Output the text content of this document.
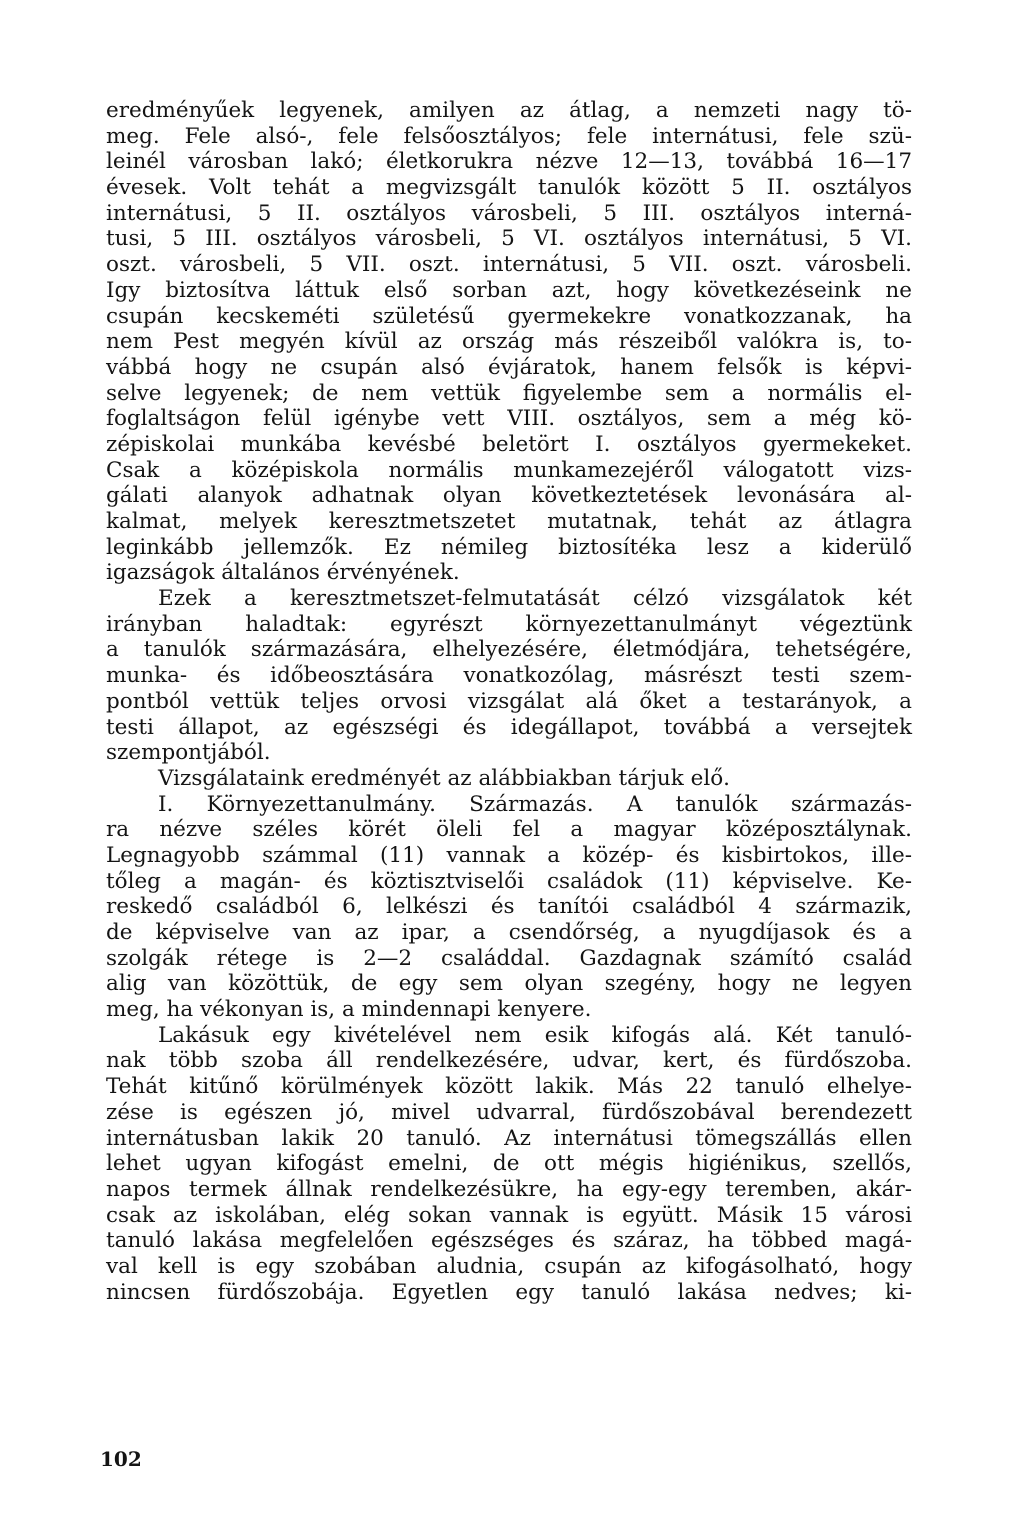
eredményűek legyenek, amilyen az átlag, a nemzeti nagy tö-
meg. Fele alsó-, fele felsőosztályos; fele internátusi, fele szü-
leinél városban lakó; életkorukra nézve 12—13, továbbá 16—17
évesek. Volt tehát a megvizsgált tanulók között 5 II. osztályos
internátusi, 5 II. osztályos városbeli, 5 III. osztályos interná-
tusi, 5 III. osztályos városbeli, 5 VI. osztályos internátusi, 5 VI.
oszt. városbeli, 5 VII. oszt. internátusi, 5 VII. oszt. városbeli.
Igy biztosítva láttuk első sorban azt, hogy következéseink ne
csupán kecskeméti születésű gyermekekre vonatkozzanak, ha
nem Pest megyén kívül az ország más részeiből valókra is, to-
vábbá hogy ne csupán alsó évjáratok, hanem felsők is képvi-
selve legyenek; de nem vettük figyelembe sem a normális el-
foglaltságon felül igénybe vett VIII. osztályos, sem a még kö-
zépiskolai munkába kevésbé beletört I. osztályos gyermekeket.
Csak a középiskola normális munkamezejéről válogatott vizs-
gálati alanyok adhatnak olyan következtetések levonására al-
kalmat, melyek keresztmetszetet mutatnak, tehát az átlagra
leginkább jellemzők. Ez némileg biztosítéka lesz a kiderülő
igazságok általános érvényének.
Ezek a keresztmetszet-felmutatását célzó vizsgálatok két
irányban haladtak: egyrészt környezettanulmányt végeztünk
a tanulók származására, elhelyezésére, életmódjára, tehetségére,
munka- és időbeosztására vonatkozólag, másrészt testi szem-
pontból vettük teljes orvosi vizsgálat alá őket a testarányok, a
testi állapot, az egészségi és idegállapot, továbbá a versejtek
szempontjából.
Vizsgálataink eredményét az alábbiakban tárjuk elő.
I. Környezettanulmány. Származás. A tanulók származás-
ra nézve széles körét öleli fel a magyar középosztálynak.
Legnagyobb számmal (11) vannak a közép- és kisbirtokos, ille-
tőleg a magán- és köztisztviselői családok (11) képviselve. Ke-
reskedő családból 6, lelkészi és tanítói családból 4 származik,
de képviselve van az ipar, a csendőrség, a nyugdíjasok és a
szolgák rétege is 2—2 családdal. Gazdagnak számító család
alig van közöttük, de egy sem olyan szegény, hogy ne legyen
meg, ha vékonyan is, a mindennapi kenyere.
Lakásuk egy kivételével nem esik kifogás alá. Két tanuló-
nak több szoba áll rendelkezésére, udvar, kert, és fürdőszoba.
Tehát kitűnő körülmények között lakik. Más 22 tanuló elhelye-
zése is egészen jó, mivel udvarral, fürdőszobával berendezett
internátusban lakik 20 tanuló. Az internátusi tömegszállás ellen
lehet ugyan kifogást emelni, de ott mégis higiénikus, szellős,
napos termek állnak rendelkezésükre, ha egy-egy teremben, akár-
csak az iskolában, elég sokan vannak is együtt. Másik 15 városi
tanuló lakása megfelelően egészséges és száraz, ha többed magá-
val kell is egy szobában aludnia, csupán az kifogásolható, hogy
nincsen fürdőszobája. Egyetlen egy tanuló lakása nedves; ki-
102
